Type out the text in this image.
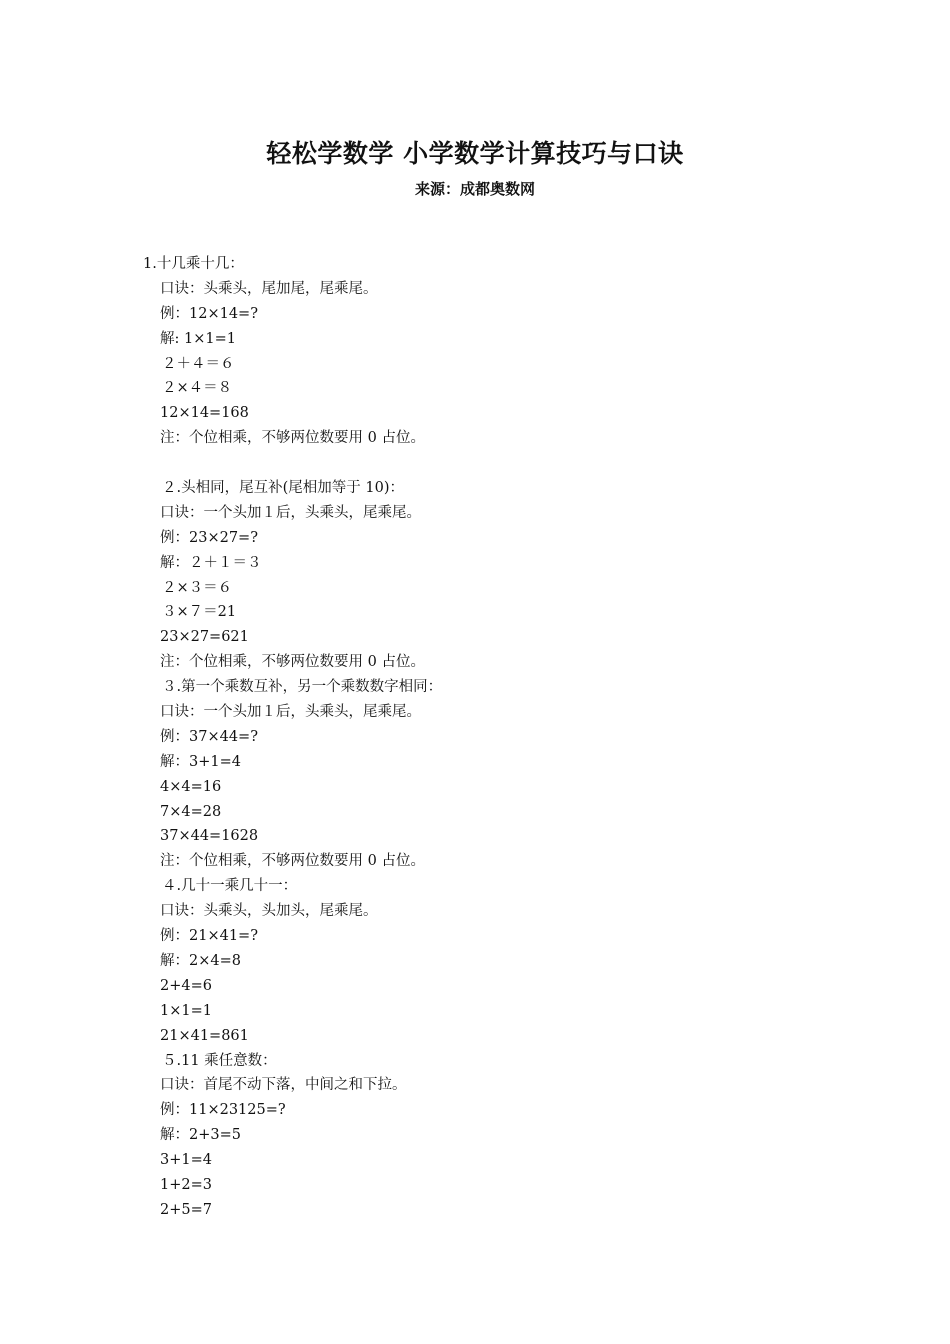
轻松学数学 小学数学计算技巧与口诀
来源：成都奥数网
1.十几乘十几：
口诀：头乘头，尾加尾，尾乘尾。
例：12×14=?
解: 1×1=1
２＋４＝６
２×４＝８
12×14=168
注：个位相乘，不够两位数要用 0 占位。
２.头相同，尾互补(尾相加等于 10)：
口诀：一个头加１后，头乘头，尾乘尾。
例：23×27=?
解：２＋１＝３
２×３＝６
３×７＝21
23×27=621
注：个位相乘，不够两位数要用 0 占位。
３.第一个乘数互补，另一个乘数数字相同：
口诀：一个头加１后，头乘头，尾乘尾。
例：37×44=?
解：3+1=4
4×4=16
7×4=28
37×44=1628
注：个位相乘，不够两位数要用 0 占位。
４.几十一乘几十一：
口诀：头乘头，头加头，尾乘尾。
例：21×41=?
解：2×4=8
2+4=6
1×1=1
21×41=861
５.11 乘任意数：
口诀：首尾不动下落，中间之和下拉。
例：11×23125=?
解：2+3=5
3+1=4
1+2=3
2+5=7
